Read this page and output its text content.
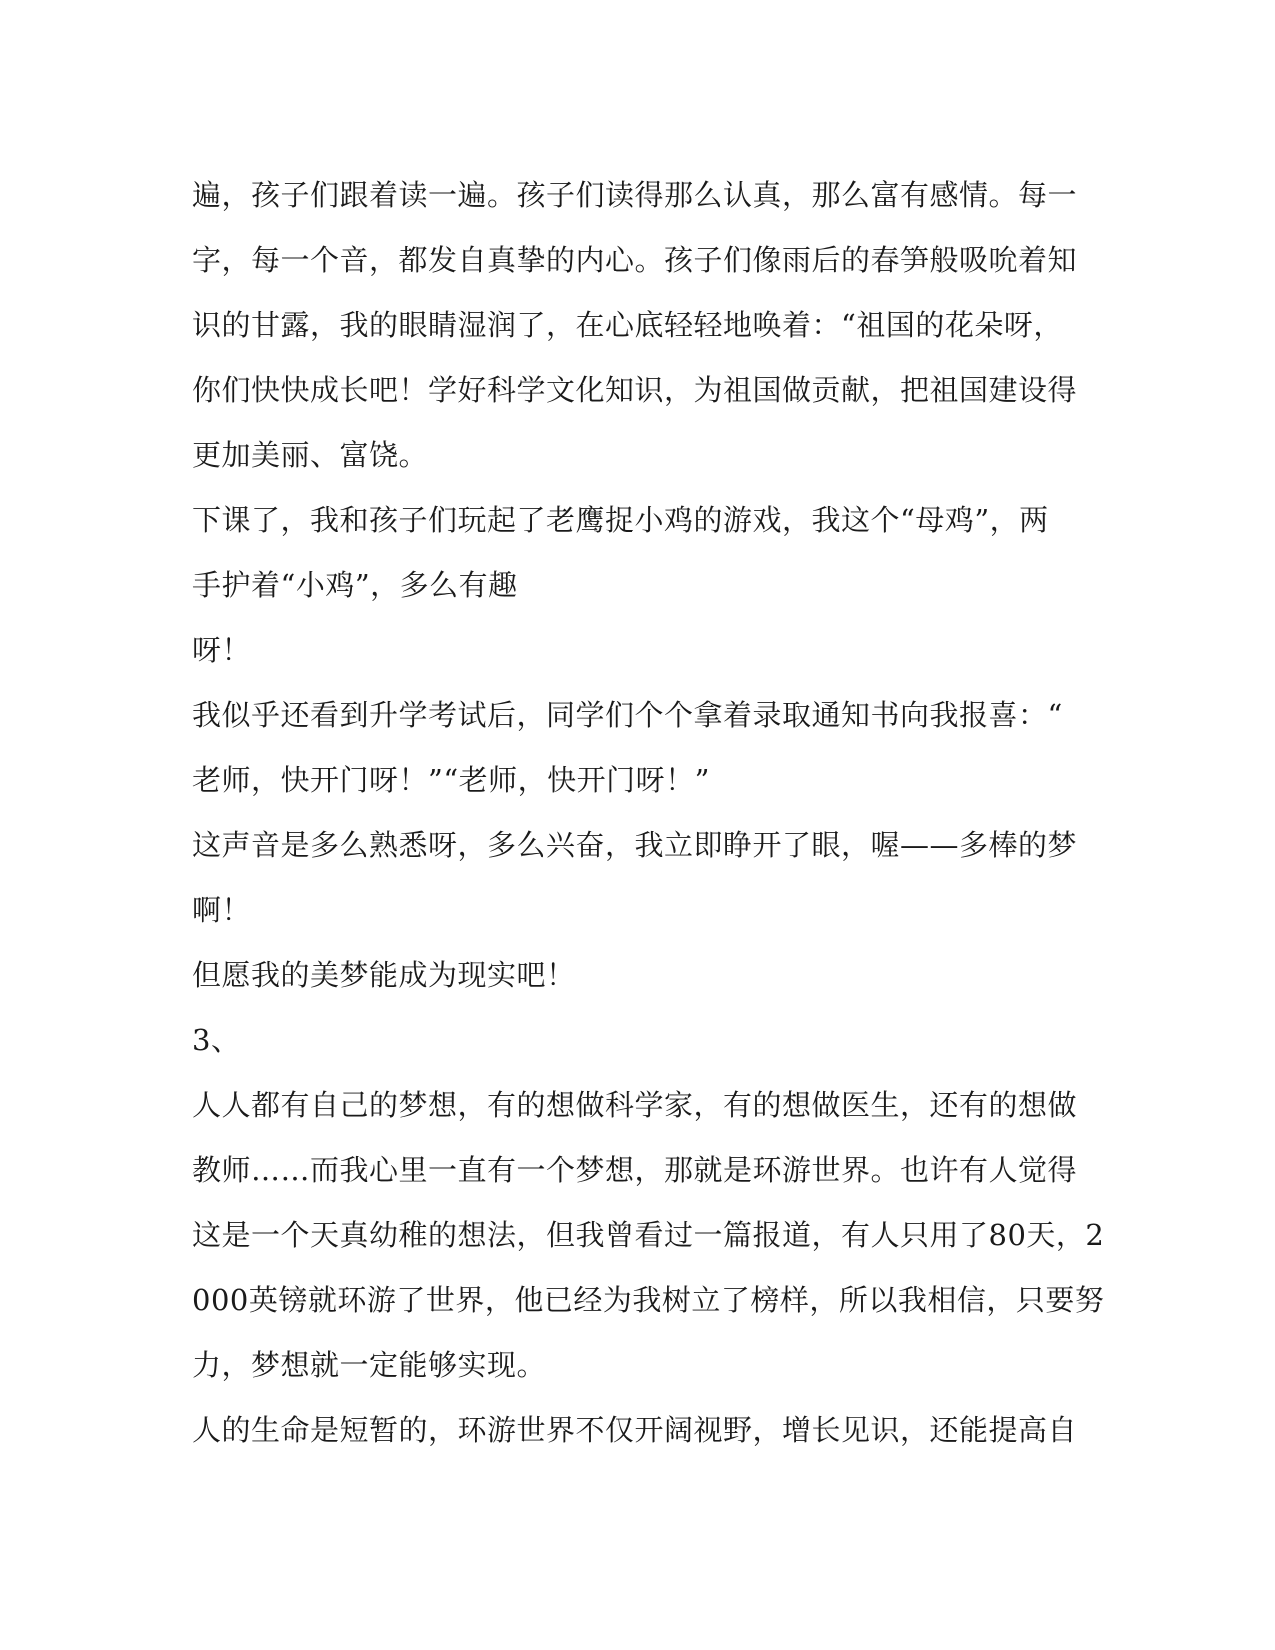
遍，孩子们跟着读一遍。孩子们读得那么认真，那么富有感情。每一
字，每一个音，都发自真挚的内心。孩子们像雨后的春笋般吸吮着知
识的甘露，我的眼睛湿润了，在心底轻轻地唤着：“祖国的花朵呀，
你们快快成长吧！学好科学文化知识，为祖国做贡献，把祖国建设得
更加美丽、富饶。
下课了，我和孩子们玩起了老鹰捉小鸡的游戏，我这个“母鸡”，两
手护着“小鸡”，多么有趣
呀！
我似乎还看到升学考试后，同学们个个拿着录取通知书向我报喜：“
老师，快开门呀！”“老师，快开门呀！”
这声音是多么熟悉呀，多么兴奋，我立即睁开了眼，喔——多棒的梦
啊！
但愿我的美梦能成为现实吧！
3、
人人都有自己的梦想，有的想做科学家，有的想做医生，还有的想做
教师……而我心里一直有一个梦想，那就是环游世界。也许有人觉得
这是一个天真幼稚的想法，但我曾看过一篇报道，有人只用了80天，2
000英镑就环游了世界，他已经为我树立了榜样，所以我相信，只要努
力，梦想就一定能够实现。
人的生命是短暂的，环游世界不仅开阔视野，增长见识，还能提高自
